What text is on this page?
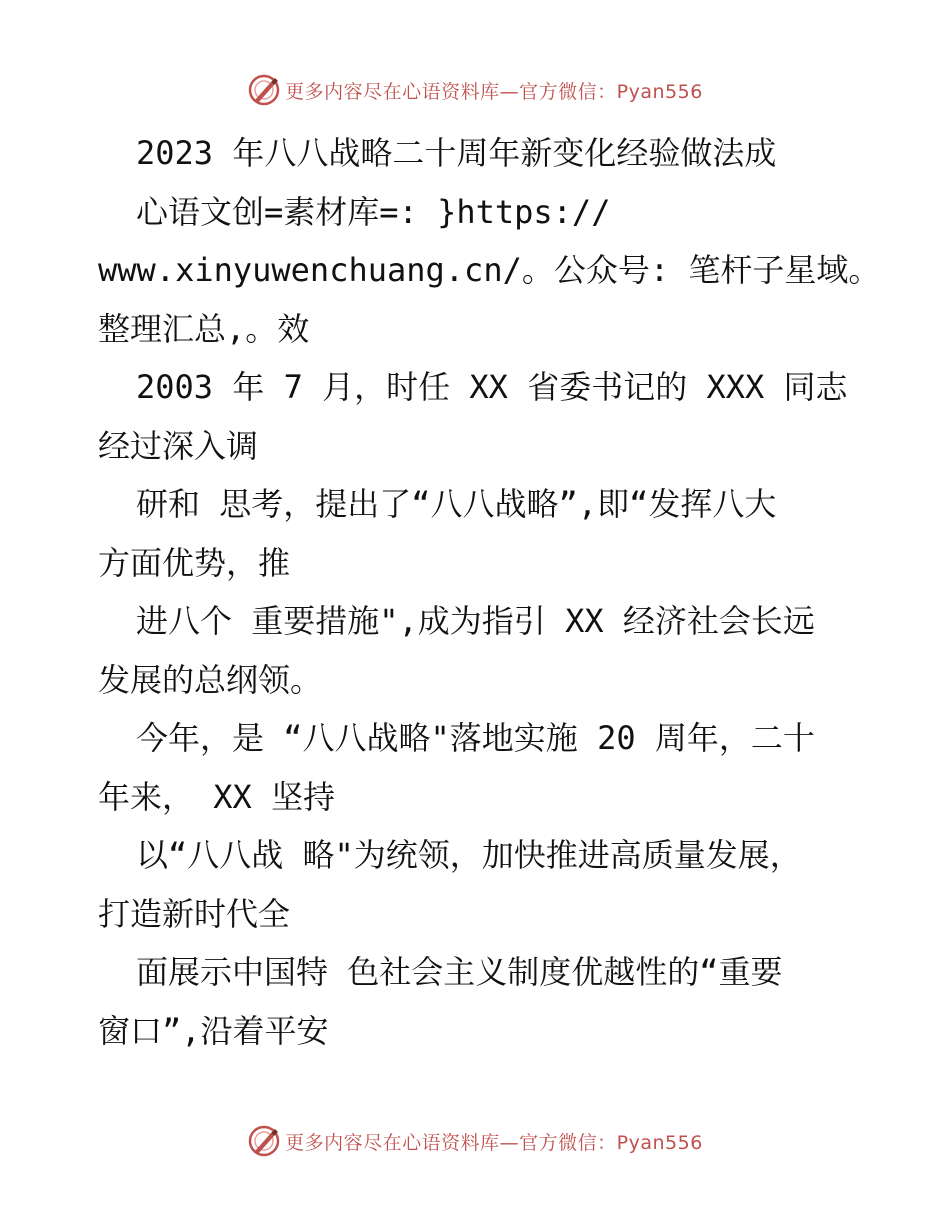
更多内容尽在心语资料库—官方微信：Pyan556
2023 年八八战略二十周年新变化经验做法成
心语文创=素材库=: }https://
www.xinyuwenchuang.cn/。公众号: 笔杆子星域。
整理汇总,。效
2003 年 7 月，时任 XX 省委书记的 XXX 同志
经过深入调
研和 思考，提出了“八八战略”,即“发挥八大
方面优势，推
进八个 重要措施",成为指引 XX 经济社会长远
发展的总纲领。
今年，是 “八八战略"落地实施 20 周年，二十
年来， XX 坚持
以“八八战 略"为统领，加快推进高质量发展，
打造新时代全
面展示中国特 色社会主义制度优越性的“重要
窗口”,沿着平安
更多内容尽在心语资料库—官方微信：Pyan556
